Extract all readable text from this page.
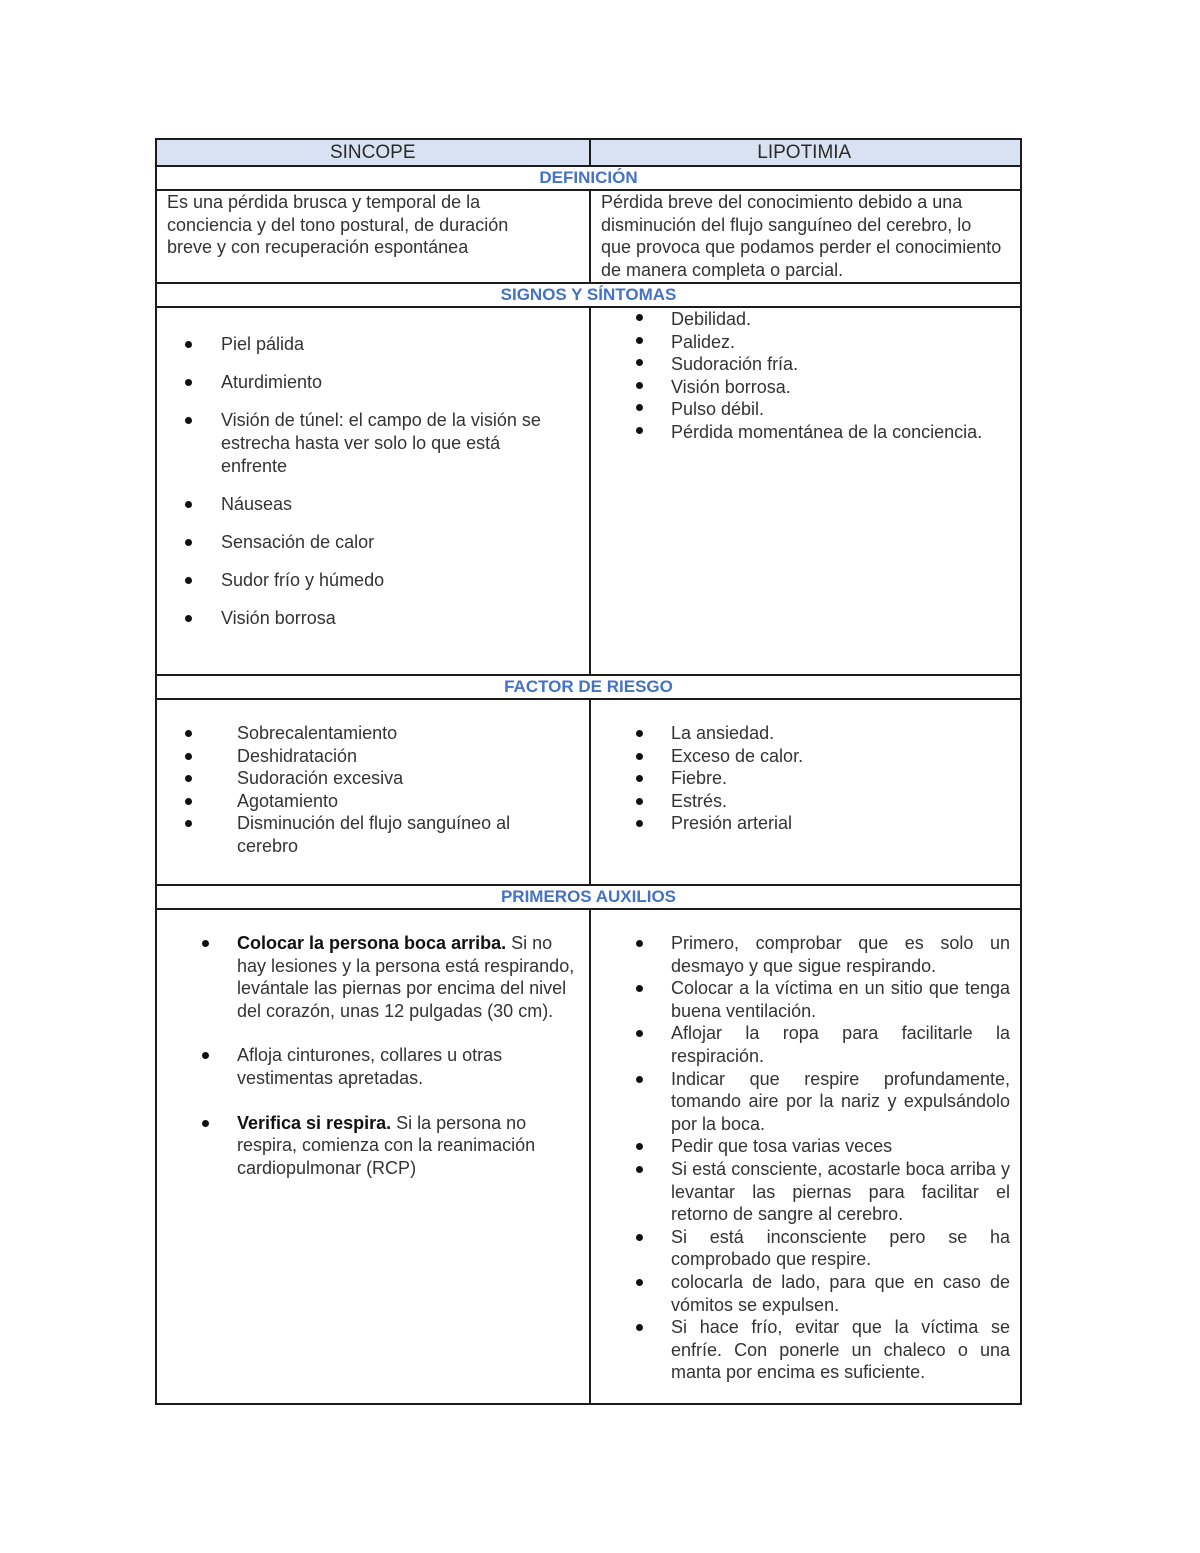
SINCOPE	LIPOTIMIA
DEFINICIÓN
Es una pérdida brusca y temporal de la conciencia y del tono postural, de duración breve y con recuperación espontánea
Pérdida breve del conocimiento debido a una disminución del flujo sanguíneo del cerebro, lo que provoca que podamos perder el conocimiento de manera completa o parcial.
SIGNOS Y SÍNTOMAS
Piel pálida
Aturdimiento
Visión de túnel: el campo de la visión se estrecha hasta ver solo lo que está enfrente
Náuseas
Sensación de calor
Sudor frío y húmedo
Visión borrosa
Debilidad.
Palidez.
Sudoración fría.
Visión borrosa.
Pulso débil.
Pérdida momentánea de la conciencia.
FACTOR DE RIESGO
Sobrecalentamiento
Deshidratación
Sudoración excesiva
Agotamiento
Disminución del flujo sanguíneo al cerebro
La ansiedad.
Exceso de calor.
Fiebre.
Estrés.
Presión arterial
PRIMEROS AUXILIOS
Colocar la persona boca arriba. Si no hay lesiones y la persona está respirando, levántale las piernas por encima del nivel del corazón, unas 12 pulgadas (30 cm).
Afloja cinturones, collares u otras vestimentas apretadas.
Verifica si respira. Si la persona no respira, comienza con la reanimación cardiopulmonar (RCP)
Primero, comprobar que es solo un desmayo y que sigue respirando.
Colocar a la víctima en un sitio que tenga buena ventilación.
Aflojar la ropa para facilitarle la respiración.
Indicar que respire profundamente, tomando aire por la nariz y expulsándolo por la boca.
Pedir que tosa varias veces
Si está consciente, acostarle boca arriba y levantar las piernas para facilitar el retorno de sangre al cerebro.
Si está inconsciente pero se ha comprobado que respire.
colocarla de lado, para que en caso de vómitos se expulsen.
Si hace frío, evitar que la víctima se enfríe. Con ponerle un chaleco o una manta por encima es suficiente.
